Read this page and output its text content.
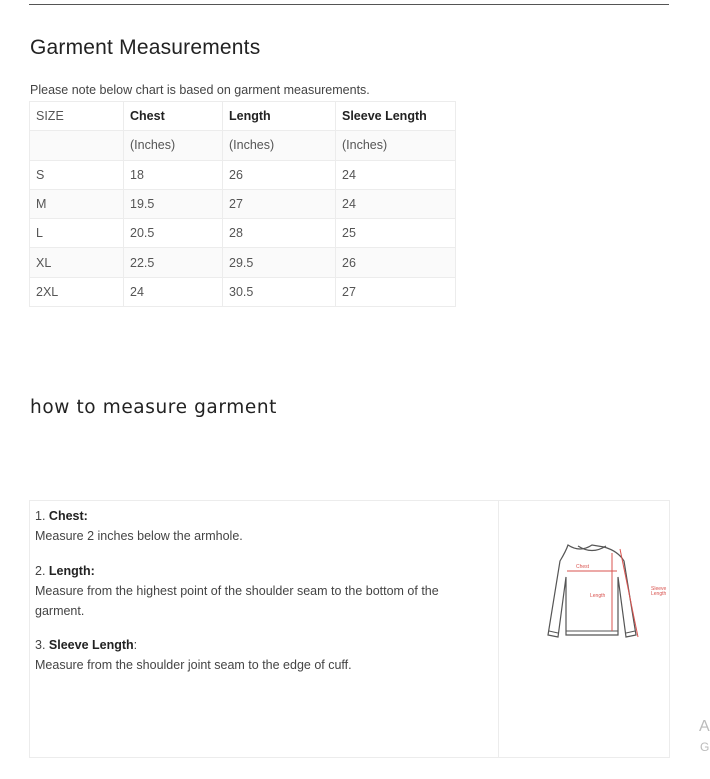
Garment Measurements
Please note below chart is based on garment measurements.
SIZE	Chest	Length	Sleeve Length
	(Inches)	(Inches)	(Inches)
S	18	26	24
M	19.5	27	24
L	20.5	28	25
XL	22.5	29.5	26
2XL	24	30.5	27
how to measure garment
1. Chest:
Measure 2 inches below the armhole.
2. Length:
Measure from the highest point of the shoulder seam to the bottom of the garment.
3. Sleeve Length:
Measure from the shoulder joint seam to the edge of cuff.
Chest
Length
Sleeve
Length
A
G
